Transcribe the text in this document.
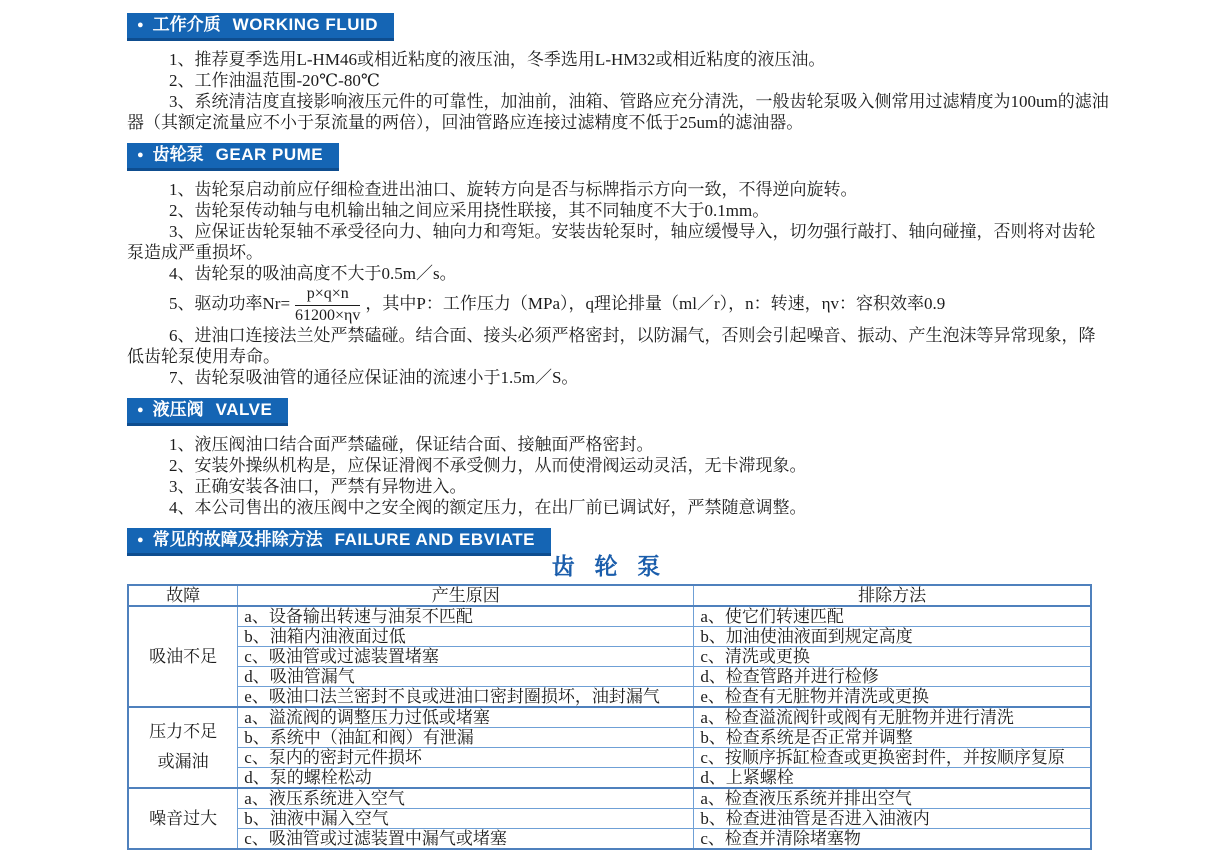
● 工作介质 WORKING FLUID

1、推荐夏季选用L-HM46或相近粘度的液压油，冬季选用L-HM32或相近粘度的液压油。

2、工作油温范围-20℃-80℃

3、系统清洁度直接影响液压元件的可靠性，加油前，油箱、管路应充分清洗，一般齿轮泵吸入侧常用过滤精度为100um的滤油器（其额定流量应不小于泵流量的两倍），回油管路应连接过滤精度不低于25um的滤油器。

● 齿轮泵 GEAR PUME

1、齿轮泵启动前应仔细检查进出油口、旋转方向是否与标牌指示方向一致，不得逆向旋转。

2、齿轮泵传动轴与电机输出轴之间应采用挠性联接，其不同轴度不大于0.1mm。

3、应保证齿轮泵轴不承受径向力、轴向力和弯矩。安装齿轮泵时，轴应缓慢导入，切勿强行敲打、轴向碰撞，否则将对齿轮泵造成严重损坏。

4、齿轮泵的吸油高度不大于0.5m／s。

5、驱动功率$Nr= \frac{p\times q\times n}{61200\times\eta v}$ ，其中P：工作压力（MPa），q理论排量（ml／r），n：转速，ηv：容积效率0.9

6、进油口连接法兰处严禁磕碰。结合面、接头必须严格密封，以防漏气，否则会引起噪音、振动、产生泡沫等异常现象，降低齿轮泵使用寿命。

7、齿轮泵吸油管的通径应保证油的流速小于1.5m／S。

● 液压阀 VALVE

1、液压阀油口结合面严禁磕碰，保证结合面、接触面严格密封。

2、安装外操纵机构是，应保证滑阀不承受侧力，从而使滑阀运动灵活，无卡滞现象。

3、正确安装各油口，严禁有异物进入。

4、本公司售出的液压阀中之安全阀的额定压力，在出厂前已调试好，严禁随意调整。

● 常见的故障及排除方法 FAILURE AND EBVIATE
齿 轮 泵
故障	产生原因	排除方法
吸油不足	a、设备输出转速与油泵不匹配	a、使它们转速匹配
	b、油箱内油液面过低	b、加油使油液面到规定高度
	c、吸油管或过滤装置堵塞	c、清洗或更换
	d、吸油管漏气	d、检查管路并进行检修
	e、吸油口法兰密封不良或进油口密封圈损坏，油封漏气	e、检查有无脏物并清洗或更换

压力不足
或漏油	a、溢流阀的调整压力过低或堵塞	a、检查溢流阀针或阀有无脏物并进行清洗
	b、系统中（油缸和阀）有泄漏	b、检查系统是否正常并调整
	c、泵内的密封元件损坏	c、按顺序拆缸检查或更换密封件，并按顺序复原
	d、泵的螺栓松动	d、上紧螺栓
噪音过大	a、液压系统进入空气	a、检查液压系统并排出空气
	b、油液中漏入空气	b、检查进油管是否进入油液内
	c、吸油管或过滤装置中漏气或堵塞	c、检查并清除堵塞物
